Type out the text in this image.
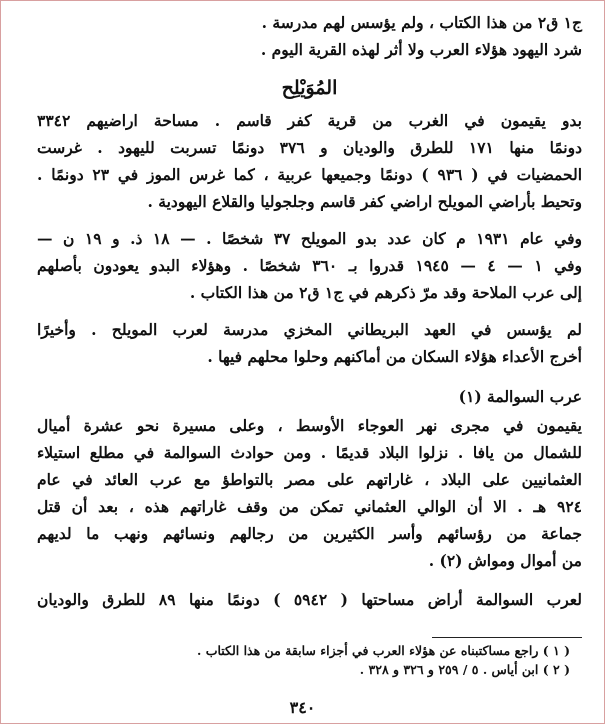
ج١ ق٢ من هذا الكتاب ، ولم يؤسس لهم مدرسة .
شرد اليهود هؤلاء العرب ولا أثر لهذه القرية اليوم .
المُوَيْلِح
بدو يقيمون في الغرب من قرية كفر قاسم . مساحة اراضيهم ٣٣٤٢
دونمًا منها ١٧١ للطرق والوديان و ٣٧٦ دونمًا تسربت لليهود . غرست
الحمضيات في ( ٩٣٦ ) دونمًا وجميعها عربية ، كما غرس الموز في ٢٣ دونمًا .
وتحيط بأراضي المويلح اراضي كفر قاسم وجلجوليا والقلاع اليهودية .
وفي عام ١٩٣١ م كان عدد بدو المويلح ٣٧ شخصًا . — ١٨ ذ. و ١٩ ن —
وفي ١ — ٤ — ١٩٤٥ قدروا بـ ٣٦٠ شخصًا . وهؤلاء البدو يعودون بأصلهم
إلى عرب الملاحة وقد مرّ ذكرهم في ج١ ق٢ من هذا الكتاب .
لم يؤسس في العهد البريطاني المخزي مدرسة لعرب المويلح . وأخيرًا
أخرج الأعداء هؤلاء السكان من أماكنهم وحلوا محلهم فيها .
عرب السوالمة (١)
يقيمون في مجرى نهر العوجاء الأوسط ، وعلى مسيرة نحو عشرة أميال
للشمال من يافا . نزلوا البلاد قديمًا . ومن حوادث السوالمة في مطلع استيلاء
العثمانيين على البلاد ، غاراتهم على مصر بالتواطؤ مع عرب العائد في عام
٩٢٤ هـ . الا أن الوالي العثماني تمكن من وقف غاراتهم هذه ، بعد أن قتل
جماعة من رؤسائهم وأسر الكثيرين من رجالهم ونسائهم ونهب ما لديهم
من أموال ومواش (٢) .
لعرب السوالمة أراض مساحتها ( ٥٩٤٢ ) دونمًا منها ٨٩ للطرق والوديان
( ١ ) راجع مساكتبناه عن هؤلاء العرب في أجزاء سابقة من هذا الكتاب .
( ٢ ) ابن أياس . ٥ / ٢٥٩ و ٣٢٦ و ٣٢٨ .
٣٤٠
